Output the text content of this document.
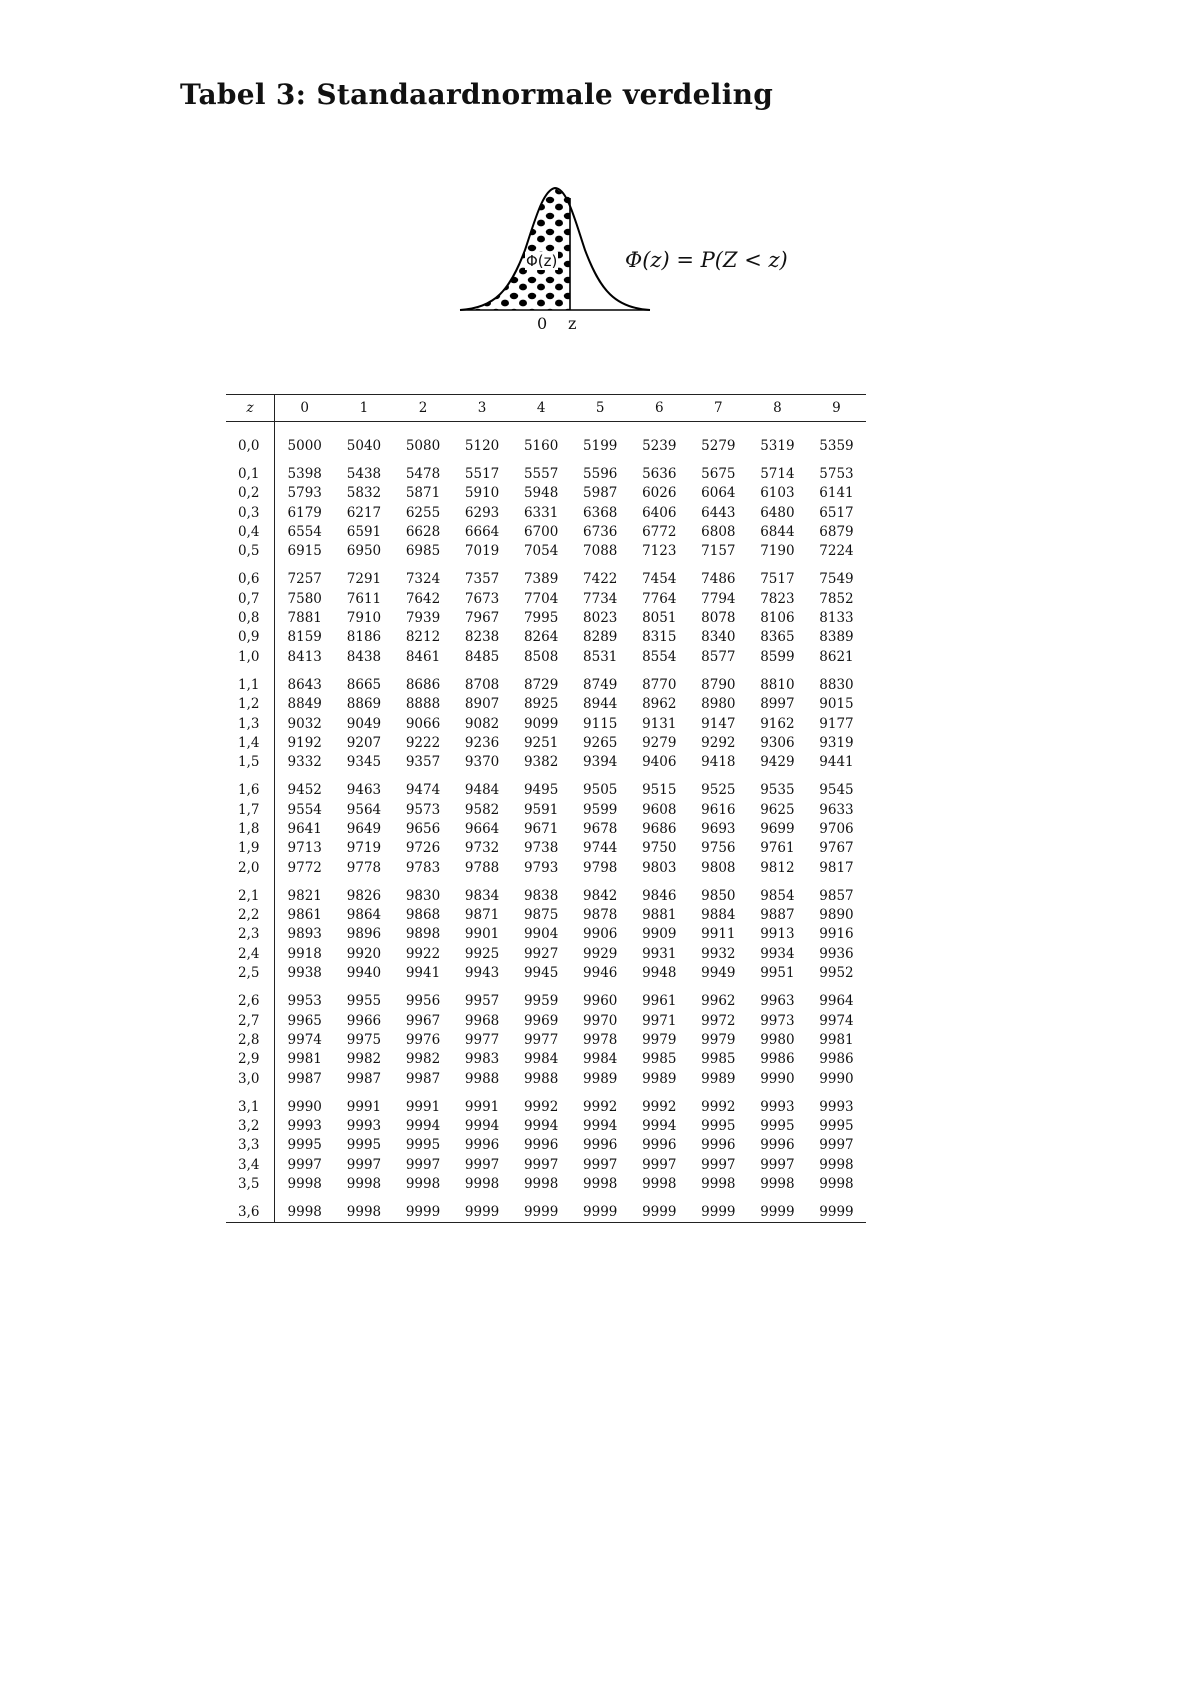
Tabel 3: Standaardnormale verdeling
Φ(z)	Φ(z) = P(Z < z)
0 z
z	0	1	2	3	4	5	6	7	8	9
0,0	5000	5040	5080	5120	5160	5199	5239	5279	5319	5359
0,1	5398	5438	5478	5517	5557	5596	5636	5675	5714	5753
0,2	5793	5832	5871	5910	5948	5987	6026	6064	6103	6141
0,3	6179	6217	6255	6293	6331	6368	6406	6443	6480	6517
0,4	6554	6591	6628	6664	6700	6736	6772	6808	6844	6879
0,5	6915	6950	6985	7019	7054	7088	7123	7157	7190	7224
0,6	7257	7291	7324	7357	7389	7422	7454	7486	7517	7549
0,7	7580	7611	7642	7673	7704	7734	7764	7794	7823	7852
0,8	7881	7910	7939	7967	7995	8023	8051	8078	8106	8133
0,9	8159	8186	8212	8238	8264	8289	8315	8340	8365	8389
1,0	8413	8438	8461	8485	8508	8531	8554	8577	8599	8621
1,1	8643	8665	8686	8708	8729	8749	8770	8790	8810	8830
1,2	8849	8869	8888	8907	8925	8944	8962	8980	8997	9015
1,3	9032	9049	9066	9082	9099	9115	9131	9147	9162	9177
1,4	9192	9207	9222	9236	9251	9265	9279	9292	9306	9319
1,5	9332	9345	9357	9370	9382	9394	9406	9418	9429	9441
1,6	9452	9463	9474	9484	9495	9505	9515	9525	9535	9545
1,7	9554	9564	9573	9582	9591	9599	9608	9616	9625	9633
1,8	9641	9649	9656	9664	9671	9678	9686	9693	9699	9706
1,9	9713	9719	9726	9732	9738	9744	9750	9756	9761	9767
2,0	9772	9778	9783	9788	9793	9798	9803	9808	9812	9817
2,1	9821	9826	9830	9834	9838	9842	9846	9850	9854	9857
2,2	9861	9864	9868	9871	9875	9878	9881	9884	9887	9890
2,3	9893	9896	9898	9901	9904	9906	9909	9911	9913	9916
2,4	9918	9920	9922	9925	9927	9929	9931	9932	9934	9936
2,5	9938	9940	9941	9943	9945	9946	9948	9949	9951	9952
2,6	9953	9955	9956	9957	9959	9960	9961	9962	9963	9964
2,7	9965	9966	9967	9968	9969	9970	9971	9972	9973	9974
2,8	9974	9975	9976	9977	9977	9978	9979	9979	9980	9981
2,9	9981	9982	9982	9983	9984	9984	9985	9985	9986	9986
3,0	9987	9987	9987	9988	9988	9989	9989	9989	9990	9990
3,1	9990	9991	9991	9991	9992	9992	9992	9992	9993	9993
3,2	9993	9993	9994	9994	9994	9994	9994	9995	9995	9995
3,3	9995	9995	9995	9996	9996	9996	9996	9996	9996	9997
3,4	9997	9997	9997	9997	9997	9997	9997	9997	9997	9998
3,5	9998	9998	9998	9998	9998	9998	9998	9998	9998	9998
3,6	9998	9998	9999	9999	9999	9999	9999	9999	9999	9999
